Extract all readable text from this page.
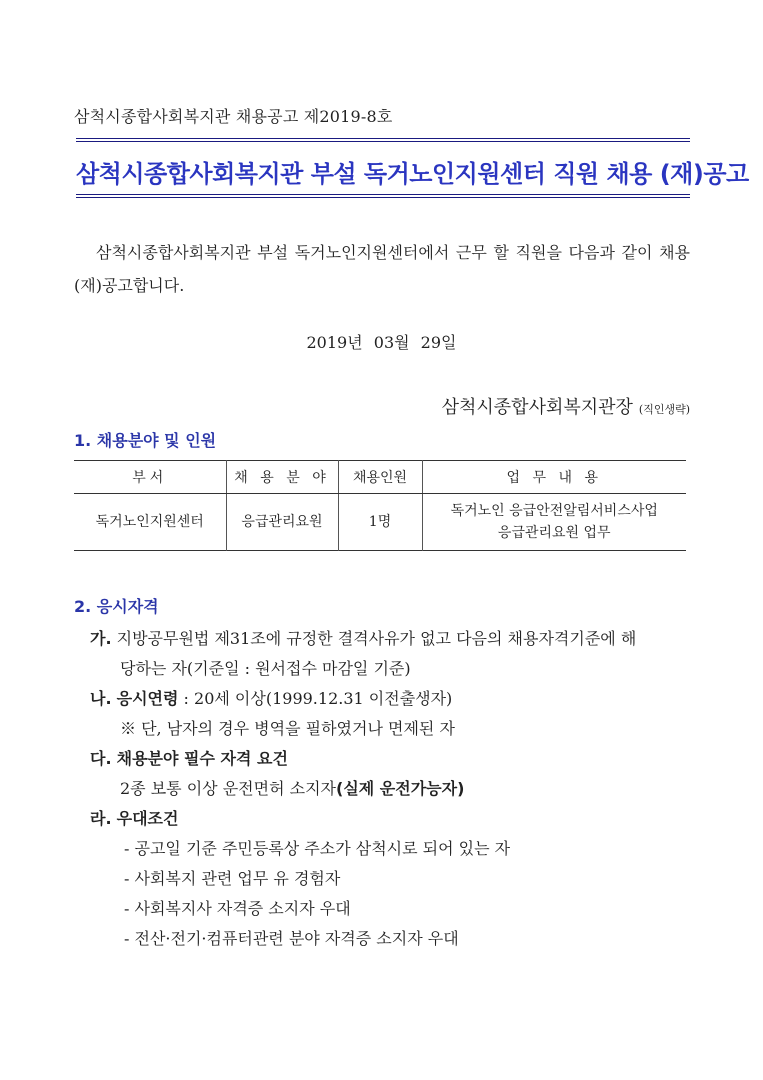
삼척시종합사회복지관 채용공고 제2019-8호
삼척시종합사회복지관 부설 독거노인지원센터 직원 채용 (재)공고
삼척시종합사회복지관 부설 독거노인지원센터에서 근무 할 직원을 다음과 같이 채용 (재)공고합니다.
2019년 03월 29일
삼척시종합사회복지관장 (직인생략)
1. 채용분야 및 인원
부서	채 용 분 야	채용인원	업 무 내 용
독거노인지원센터	응급관리요원	1명	독거노인 응급안전알림서비스사업
응급관리요원 업무
2. 응시자격
가. 지방공무원법 제31조에 규정한 결격사유가 없고 다음의 채용자격기준에 해
당하는 자(기준일 : 원서접수 마감일 기준)
나. 응시연령 : 20세 이상(1999.12.31 이전출생자)
※ 단, 남자의 경우 병역을 필하였거나 면제된 자
다. 채용분야 필수 자격 요건
2종 보통 이상 운전면허 소지자(실제 운전가능자)
라. 우대조건
- 공고일 기준 주민등록상 주소가 삼척시로 되어 있는 자
- 사회복지 관련 업무 유 경험자
- 사회복지사 자격증 소지자 우대
- 전산·전기·컴퓨터관련 분야 자격증 소지자 우대
